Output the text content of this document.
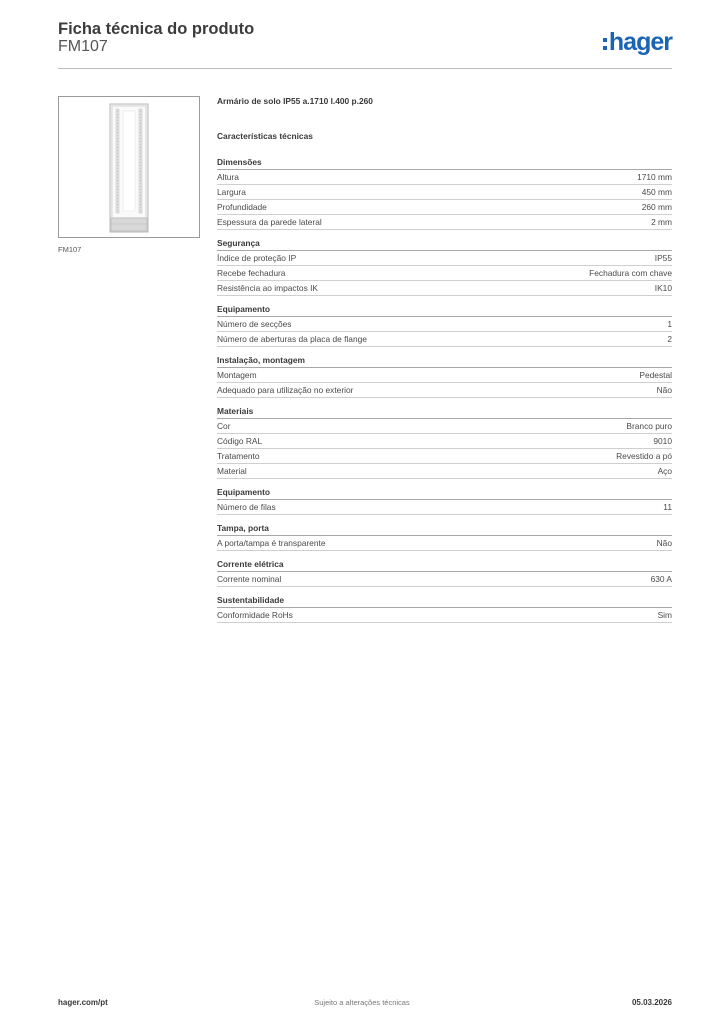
Ficha técnica do produto
FM107	hager
FM107
Armário de solo IP55 a.1710 l.400 p.260
Características técnicas
Dimensões
Altura	1710 mm
Largura	450 mm
Profundidade	260 mm
Espessura da parede lateral	2 mm
Segurança
Índice de proteção IP	IP55
Recebe fechadura	Fechadura com chave
Resistência ao impactos IK	IK10
Equipamento
Número de secções	1
Número de aberturas da placa de flange	2
Instalação, montagem
Montagem	Pedestal
Adequado para utilização no exterior	Não
Materiais
Cor	Branco puro
Código RAL	9010
Tratamento	Revestido a pó
Material	Aço
Equipamento
Número de filas	11
Tampa, porta
A porta/tampa é transparente	Não
Corrente elétrica
Corrente nominal	630 A
Sustentabilidade
Conformidade RoHs	Sim
hager.com/pt	Sujeito a alterações técnicas	05.03.2026
